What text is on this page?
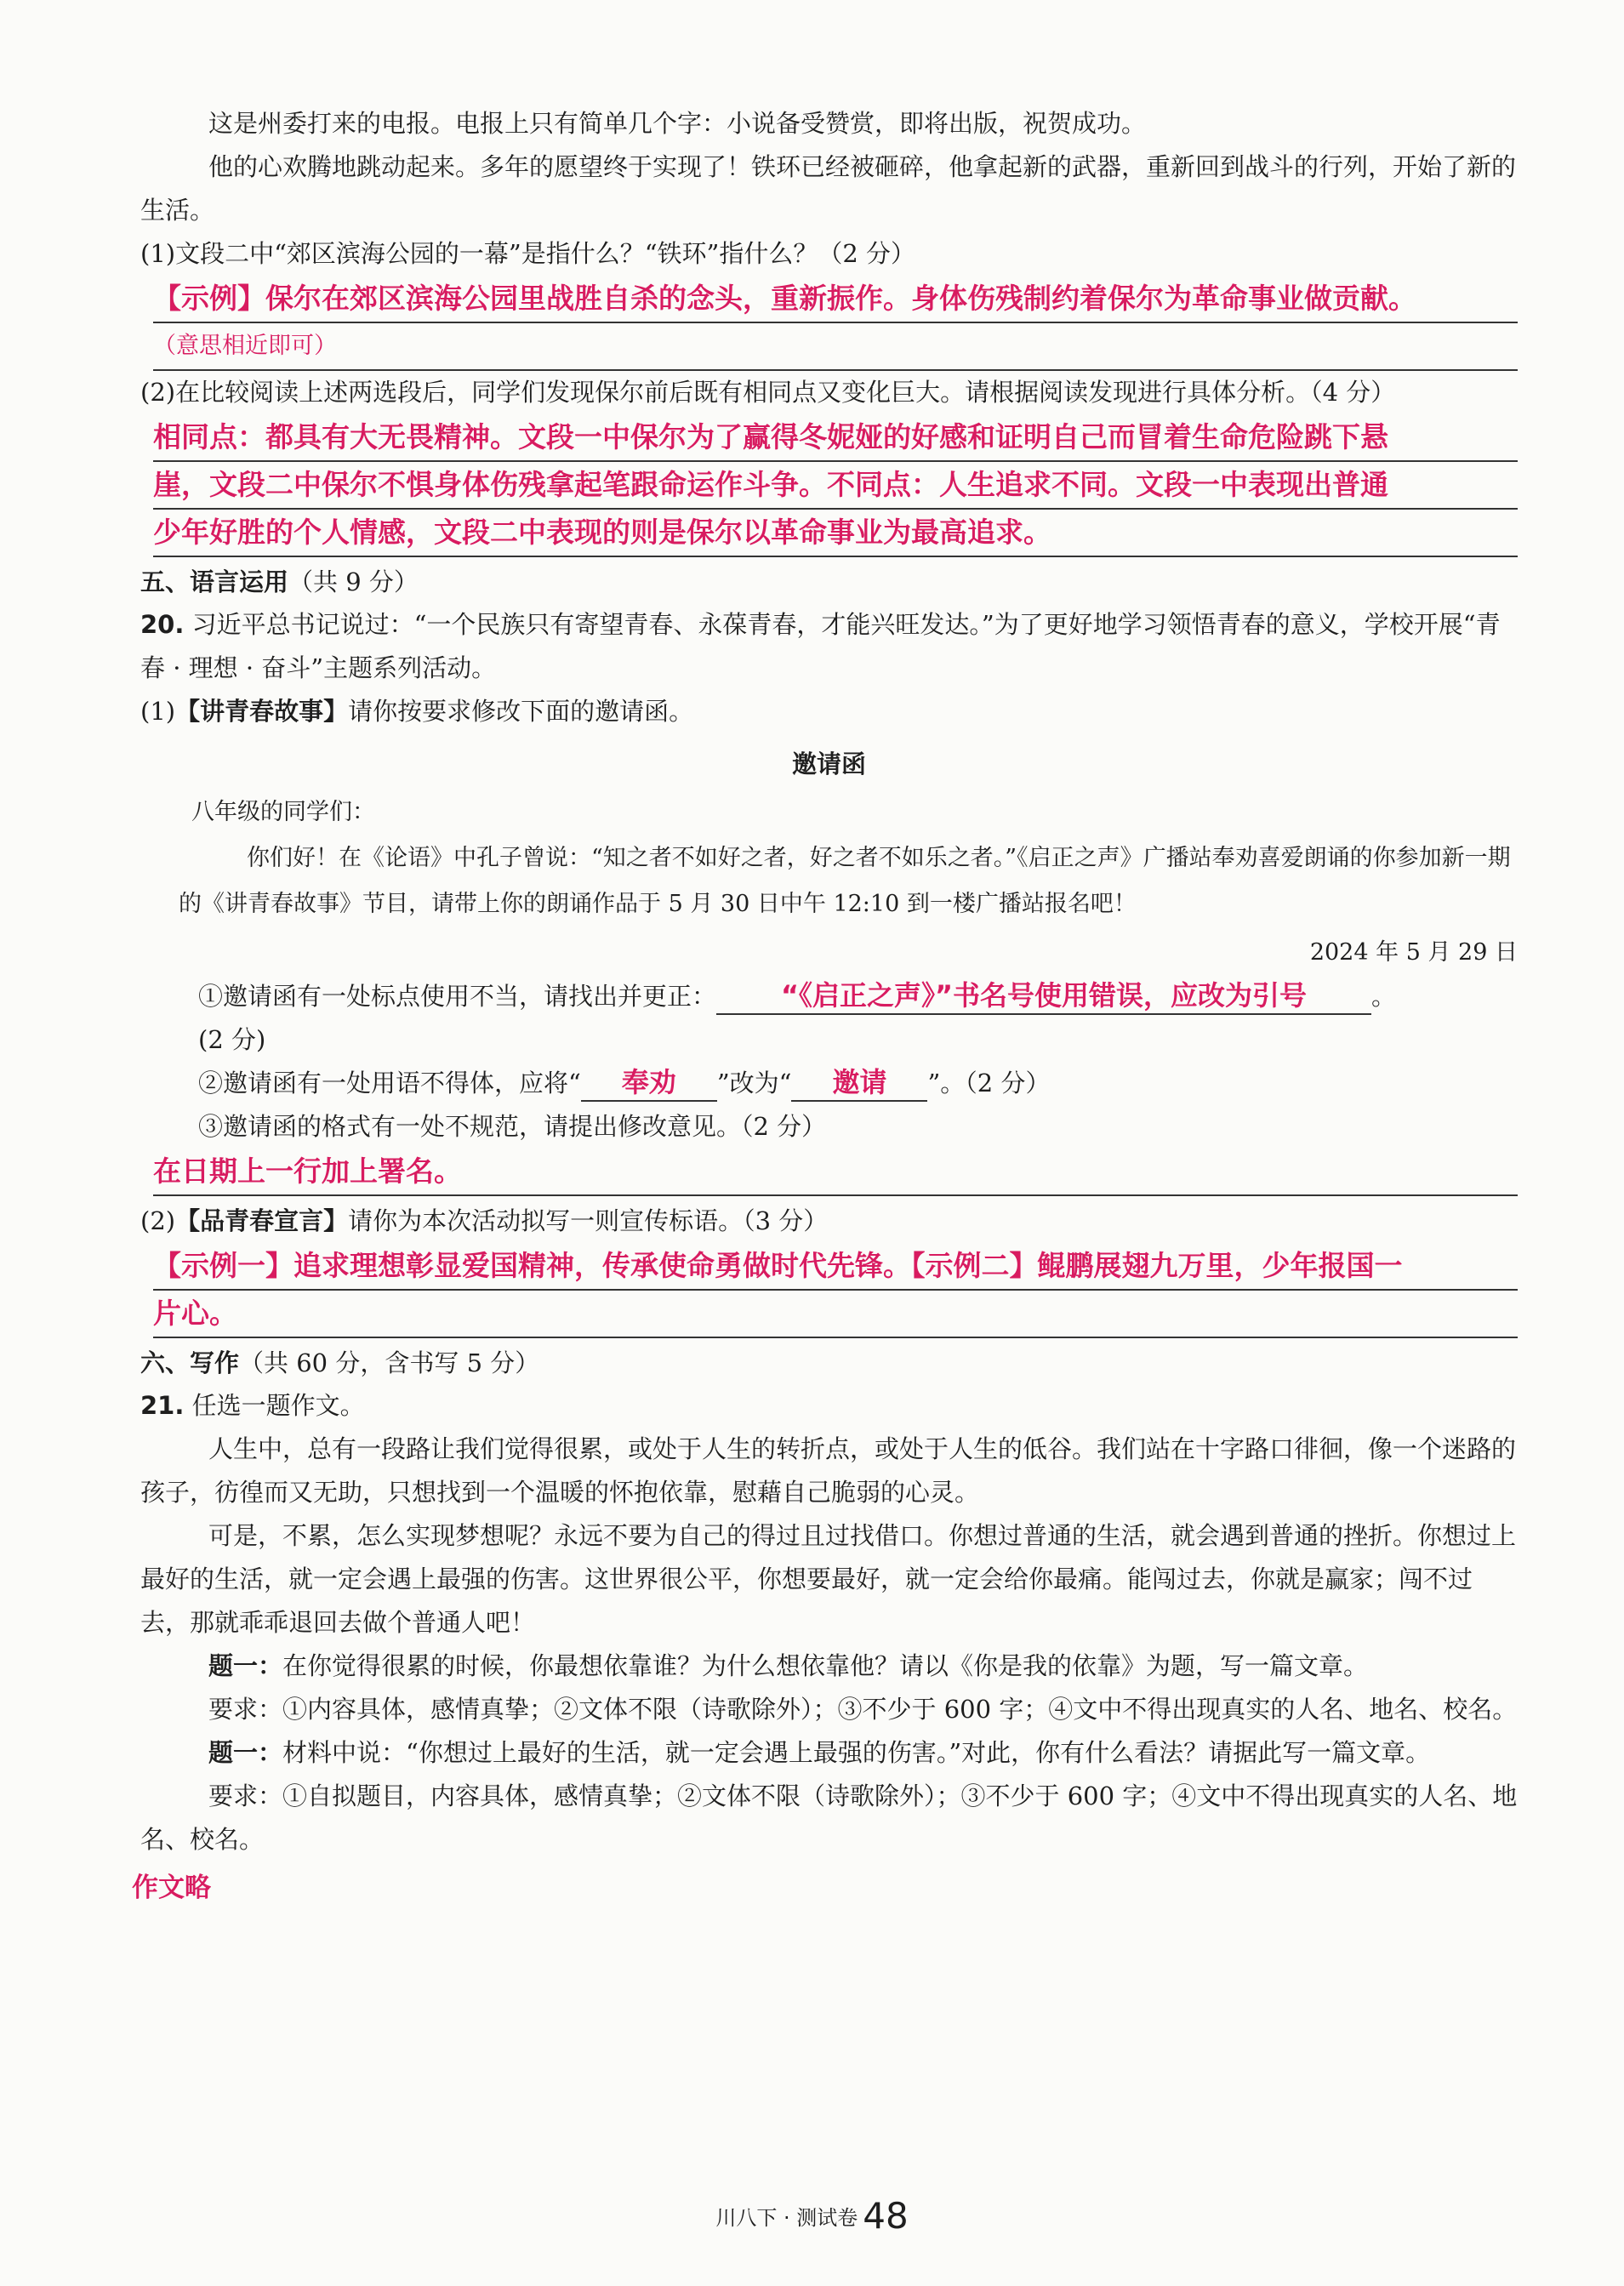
这是州委打来的电报。电报上只有简单几个字：小说备受赞赏，即将出版，祝贺成功。

他的心欢腾地跳动起来。多年的愿望终于实现了！铁环已经被砸碎，他拿起新的武器，重新回到战斗的行列，开始了新的生活。

(1)文段二中“郊区滨海公园的一幕”是指什么？“铁环”指什么？（2 分）

【示例】保尔在郊区滨海公园里战胜自杀的念头，重新振作。身体伤残制约着保尔为革命事业做贡献。
（意思相近即可）

(2)在比较阅读上述两选段后，同学们发现保尔前后既有相同点又变化巨大。请根据阅读发现进行具体分析。（4 分）

相同点：都具有大无畏精神。文段一中保尔为了赢得冬妮娅的好感和证明自己而冒着生命危险跳下悬
崖，文段二中保尔不惧身体伤残拿起笔跟命运作斗争。不同点：人生追求不同。文段一中表现出普通
少年好胜的个人情感，文段二中表现的则是保尔以革命事业为最高追求。

五、语言运用（共 9 分）

20. 习近平总书记说过：“一个民族只有寄望青春、永葆青春，才能兴旺发达。”为了更好地学习领悟青春的意义，学校开展“青春 · 理想 · 奋斗”主题系列活动。

(1)【讲青春故事】请你按要求修改下面的邀请函。

邀请函

八年级的同学们：

你们好！在《论语》中孔子曾说：“知之者不如好之者，好之者不如乐之者。”《启正之声》广播站奉劝喜爱朗诵的你参加新一期的《讲青春故事》节目，请带上你的朗诵作品于 5 月 30 日中午 12:10 到一楼广播站报名吧！

2024 年 5 月 29 日

①邀请函有一处标点使用不当，请找出并更正： “《启正之声》”书名号使用错误，应改为引号	。

(2 分)

②邀请函有一处用语不得体，应将“ 奉劝 ”改为“ 邀请 ”。（2 分）

③邀请函的格式有一处不规范，请提出修改意见。（2 分）

在日期上一行加上署名。

(2)【品青春宣言】请你为本次活动拟写一则宣传标语。（3 分）

【示例一】追求理想彰显爱国精神，传承使命勇做时代先锋。【示例二】鲲鹏展翅九万里，少年报国一
片心。

六、写作（共 60 分，含书写 5 分）

21. 任选一题作文。

人生中，总有一段路让我们觉得很累，或处于人生的转折点，或处于人生的低谷。我们站在十字路口徘徊，像一个迷路的孩子，彷徨而又无助，只想找到一个温暖的怀抱依靠，慰藉自己脆弱的心灵。

可是，不累，怎么实现梦想呢？永远不要为自己的得过且过找借口。你想过普通的生活，就会遇到普通的挫折。你想过上最好的生活，就一定会遇上最强的伤害。这世界很公平，你想要最好，就一定会给你最痛。能闯过去，你就是赢家；闯不过去，那就乖乖退回去做个普通人吧！

题一：在你觉得很累的时候，你最想依靠谁？为什么想依靠他？请以《你是我的依靠》为题，写一篇文章。

要求：①内容具体，感情真挚；②文体不限（诗歌除外）；③不少于 600 字；④文中不得出现真实的人名、地名、校名。

题一：材料中说：“你想过上最好的生活，就一定会遇上最强的伤害。”对此，你有什么看法？请据此写一篇文章。

要求：①自拟题目，内容具体，感情真挚；②文体不限（诗歌除外）；③不少于 600 字；④文中不得出现真实的人名、地名、校名。

作文略
川八下 · 测试卷 48
